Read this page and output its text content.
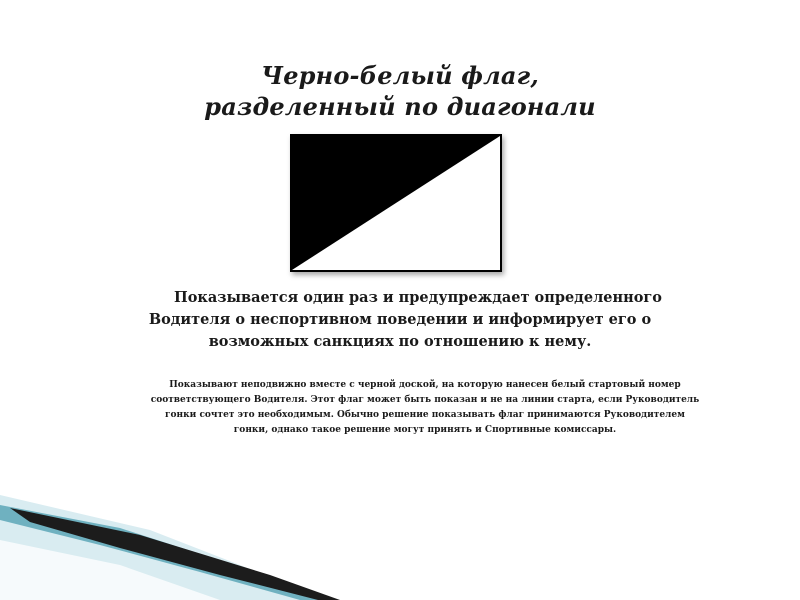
Черно-белый флаг,
разделенный по диагонали
Показывается один раз и предупреждает определенного
Водителя о неспортивном поведении и информирует его о
возможных санкциях по отношению к нему.
Показывают неподвижно вместе с черной доской, на которую нанесен белый стартовый номер
соответствующего Водителя. Этот флаг может быть показан и не на линии старта, если Руководитель
гонки сочтет это необходимым. Обычно решение показывать флаг принимаются Руководителем
гонки, однако такое решение могут принять и Спортивные комиссары.
